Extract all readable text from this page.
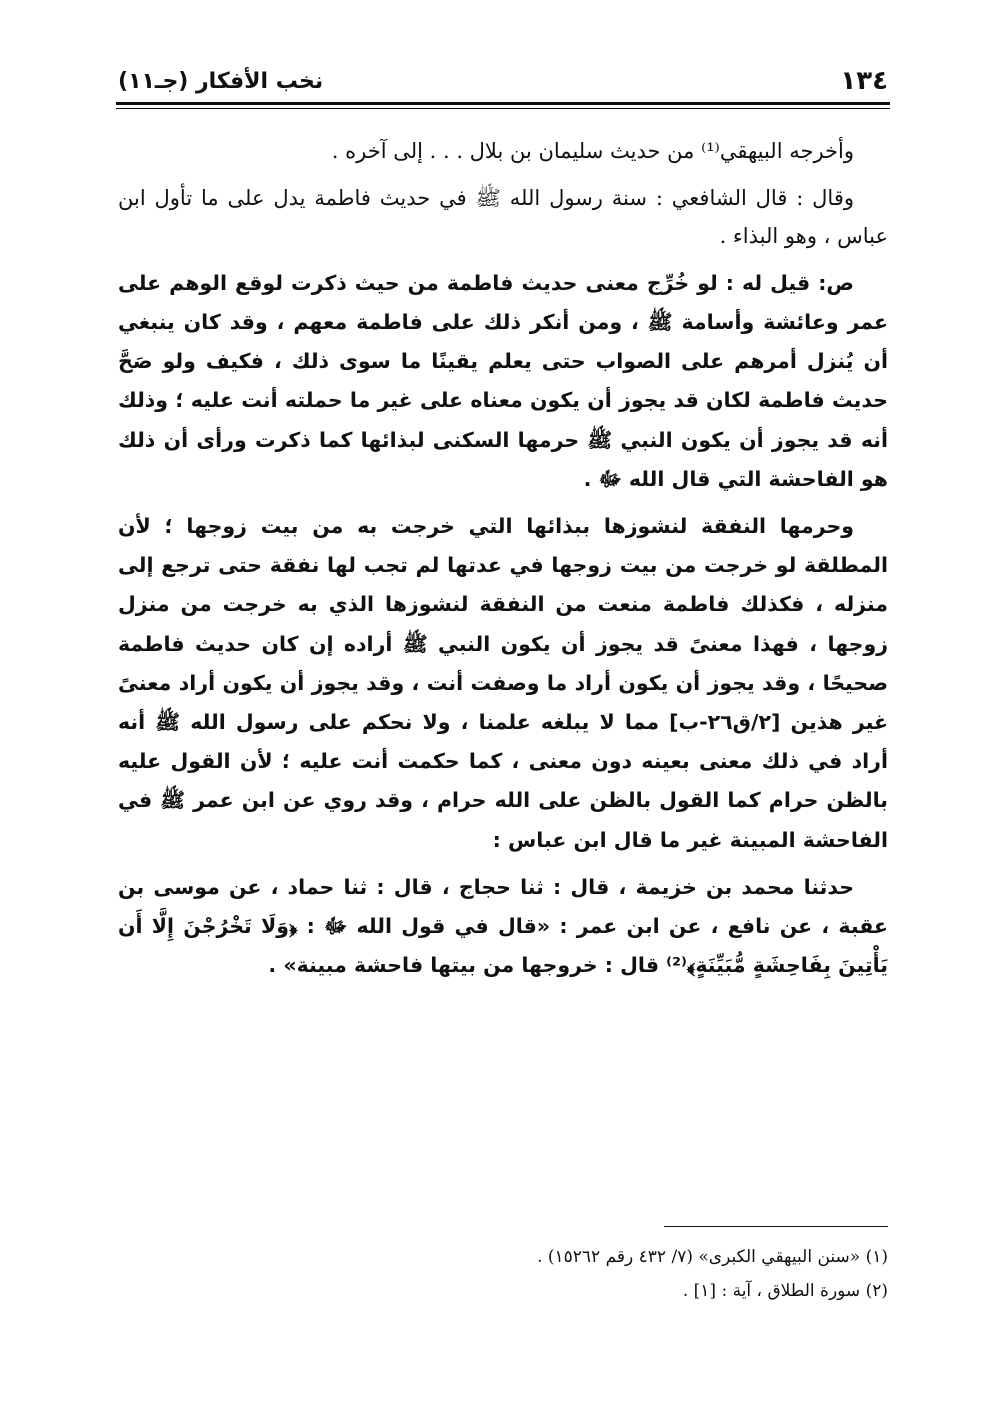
١٣٤
نخب الأفكار (جـ١١)

وأخرجه البيهقي⁽¹⁾ من حديث سليمان بن بلال . . . إلى آخره .

وقال : قال الشافعي : سنة رسول الله ﷺ في حديث فاطمة يدل على ما تأول ابن عباس ، وهو البذاء .

ص: قيل له : لو خُرِّج معنى حديث فاطمة من حيث ذكرت لوقع الوهم على عمر وعائشة وأسامة ﷺ ، ومن أنكر ذلك على فاطمة معهم ، وقد كان ينبغي أن يُنزل أمرهم على الصواب حتى يعلم يقينًا ما سوى ذلك ، فكيف ولو صَحَّ حديث فاطمة لكان قد يجوز أن يكون معناه على غير ما حملته أنت عليه ؛ وذلك أنه قد يجوز أن يكون النبي ﷺ حرمها السكنى لبذائها كما ذكرت ورأى أن ذلك هو الفاحشة التي قال الله ﷻ .

وحرمها النفقة لنشوزها ببذائها التي خرجت به من بيت زوجها ؛ لأن المطلقة لو خرجت من بيت زوجها في عدتها لم تجب لها نفقة حتى ترجع إلى منزله ، فكذلك فاطمة منعت من النفقة لنشوزها الذي به خرجت من منزل زوجها ، فهذا معنىً قد يجوز أن يكون النبي ﷺ أراده إن كان حديث فاطمة صحيحًا ، وقد يجوز أن يكون أراد ما وصفت أنت ، وقد يجوز أن يكون أراد معنىً غير هذين [٢/ق٢٦-ب] مما لا يبلغه علمنا ، ولا نحكم على رسول الله ﷺ أنه أراد في ذلك معنى بعينه دون معنى ، كما حكمت أنت عليه ؛ لأن القول عليه بالظن حرام كما القول بالظن على الله حرام ، وقد روي عن ابن عمر ﷺ في الفاحشة المبينة غير ما قال ابن عباس :

حدثنا محمد بن خزيمة ، قال : ثنا حجاج ، قال : ثنا حماد ، عن موسى بن عقبة ، عن نافع ، عن ابن عمر : «قال في قول الله ﷻ : ﴿وَلَا تَخْرُجْنَ إِلَّا أَن يَأْتِينَ بِفَاحِشَةٍ مُّبَيِّنَةٍ﴾⁽²⁾ قال : خروجها من بيتها فاحشة مبينة» .

(١) «سنن البيهقي الكبرى» (٧/ ٤٣٢ رقم ١٥٢٦٢) .

(٢) سورة الطلاق ، آية : [١] .
